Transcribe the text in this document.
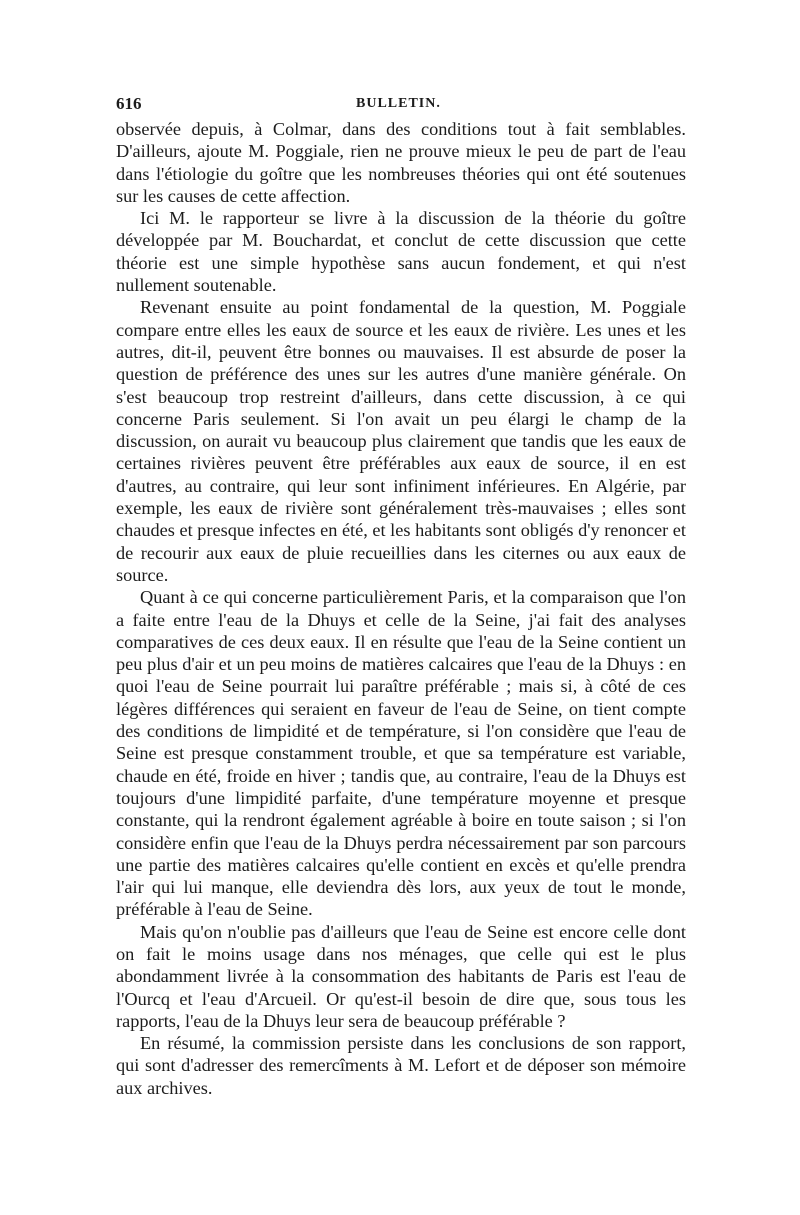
616	BULLETIN.

observée depuis, à Colmar, dans des conditions tout à fait semblables. D'ailleurs, ajoute M. Poggiale, rien ne prouve mieux le peu de part de l'eau dans l'étiologie du goître que les nombreuses théories qui ont été soutenues sur les causes de cette affection.

Ici M. le rapporteur se livre à la discussion de la théorie du goître développée par M. Bouchardat, et conclut de cette discussion que cette théorie est une simple hypothèse sans aucun fondement, et qui n'est nullement soutenable.

Revenant ensuite au point fondamental de la question, M. Poggiale compare entre elles les eaux de source et les eaux de rivière. Les unes et les autres, dit-il, peuvent être bonnes ou mauvaises. Il est absurde de poser la question de préférence des unes sur les autres d'une manière générale. On s'est beaucoup trop restreint d'ailleurs, dans cette discussion, à ce qui concerne Paris seulement. Si l'on avait un peu élargi le champ de la discussion, on aurait vu beaucoup plus clairement que tandis que les eaux de certaines rivières peuvent être préférables aux eaux de source, il en est d'autres, au contraire, qui leur sont infiniment inférieures. En Algérie, par exemple, les eaux de rivière sont généralement très-mauvaises ; elles sont chaudes et presque infectes en été, et les habitants sont obligés d'y renoncer et de recourir aux eaux de pluie recueillies dans les citernes ou aux eaux de source.

Quant à ce qui concerne particulièrement Paris, et la comparaison que l'on a faite entre l'eau de la Dhuys et celle de la Seine, j'ai fait des analyses comparatives de ces deux eaux. Il en résulte que l'eau de la Seine contient un peu plus d'air et un peu moins de matières calcaires que l'eau de la Dhuys : en quoi l'eau de Seine pourrait lui paraître préférable ; mais si, à côté de ces légères différences qui seraient en faveur de l'eau de Seine, on tient compte des conditions de limpidité et de température, si l'on considère que l'eau de Seine est presque constamment trouble, et que sa température est variable, chaude en été, froide en hiver ; tandis que, au contraire, l'eau de la Dhuys est toujours d'une limpidité parfaite, d'une température moyenne et presque constante, qui la rendront également agréable à boire en toute saison ; si l'on considère enfin que l'eau de la Dhuys perdra nécessairement par son parcours une partie des matières calcaires qu'elle contient en excès et qu'elle prendra l'air qui lui manque, elle deviendra dès lors, aux yeux de tout le monde, préférable à l'eau de Seine.

Mais qu'on n'oublie pas d'ailleurs que l'eau de Seine est encore celle dont on fait le moins usage dans nos ménages, que celle qui est le plus abondamment livrée à la consommation des habitants de Paris est l'eau de l'Ourcq et l'eau d'Arcueil. Or qu'est-il besoin de dire que, sous tous les rapports, l'eau de la Dhuys leur sera de beaucoup préférable ?

En résumé, la commission persiste dans les conclusions de son rapport, qui sont d'adresser des remercîments à M. Lefort et de déposer son mémoire aux archives.
